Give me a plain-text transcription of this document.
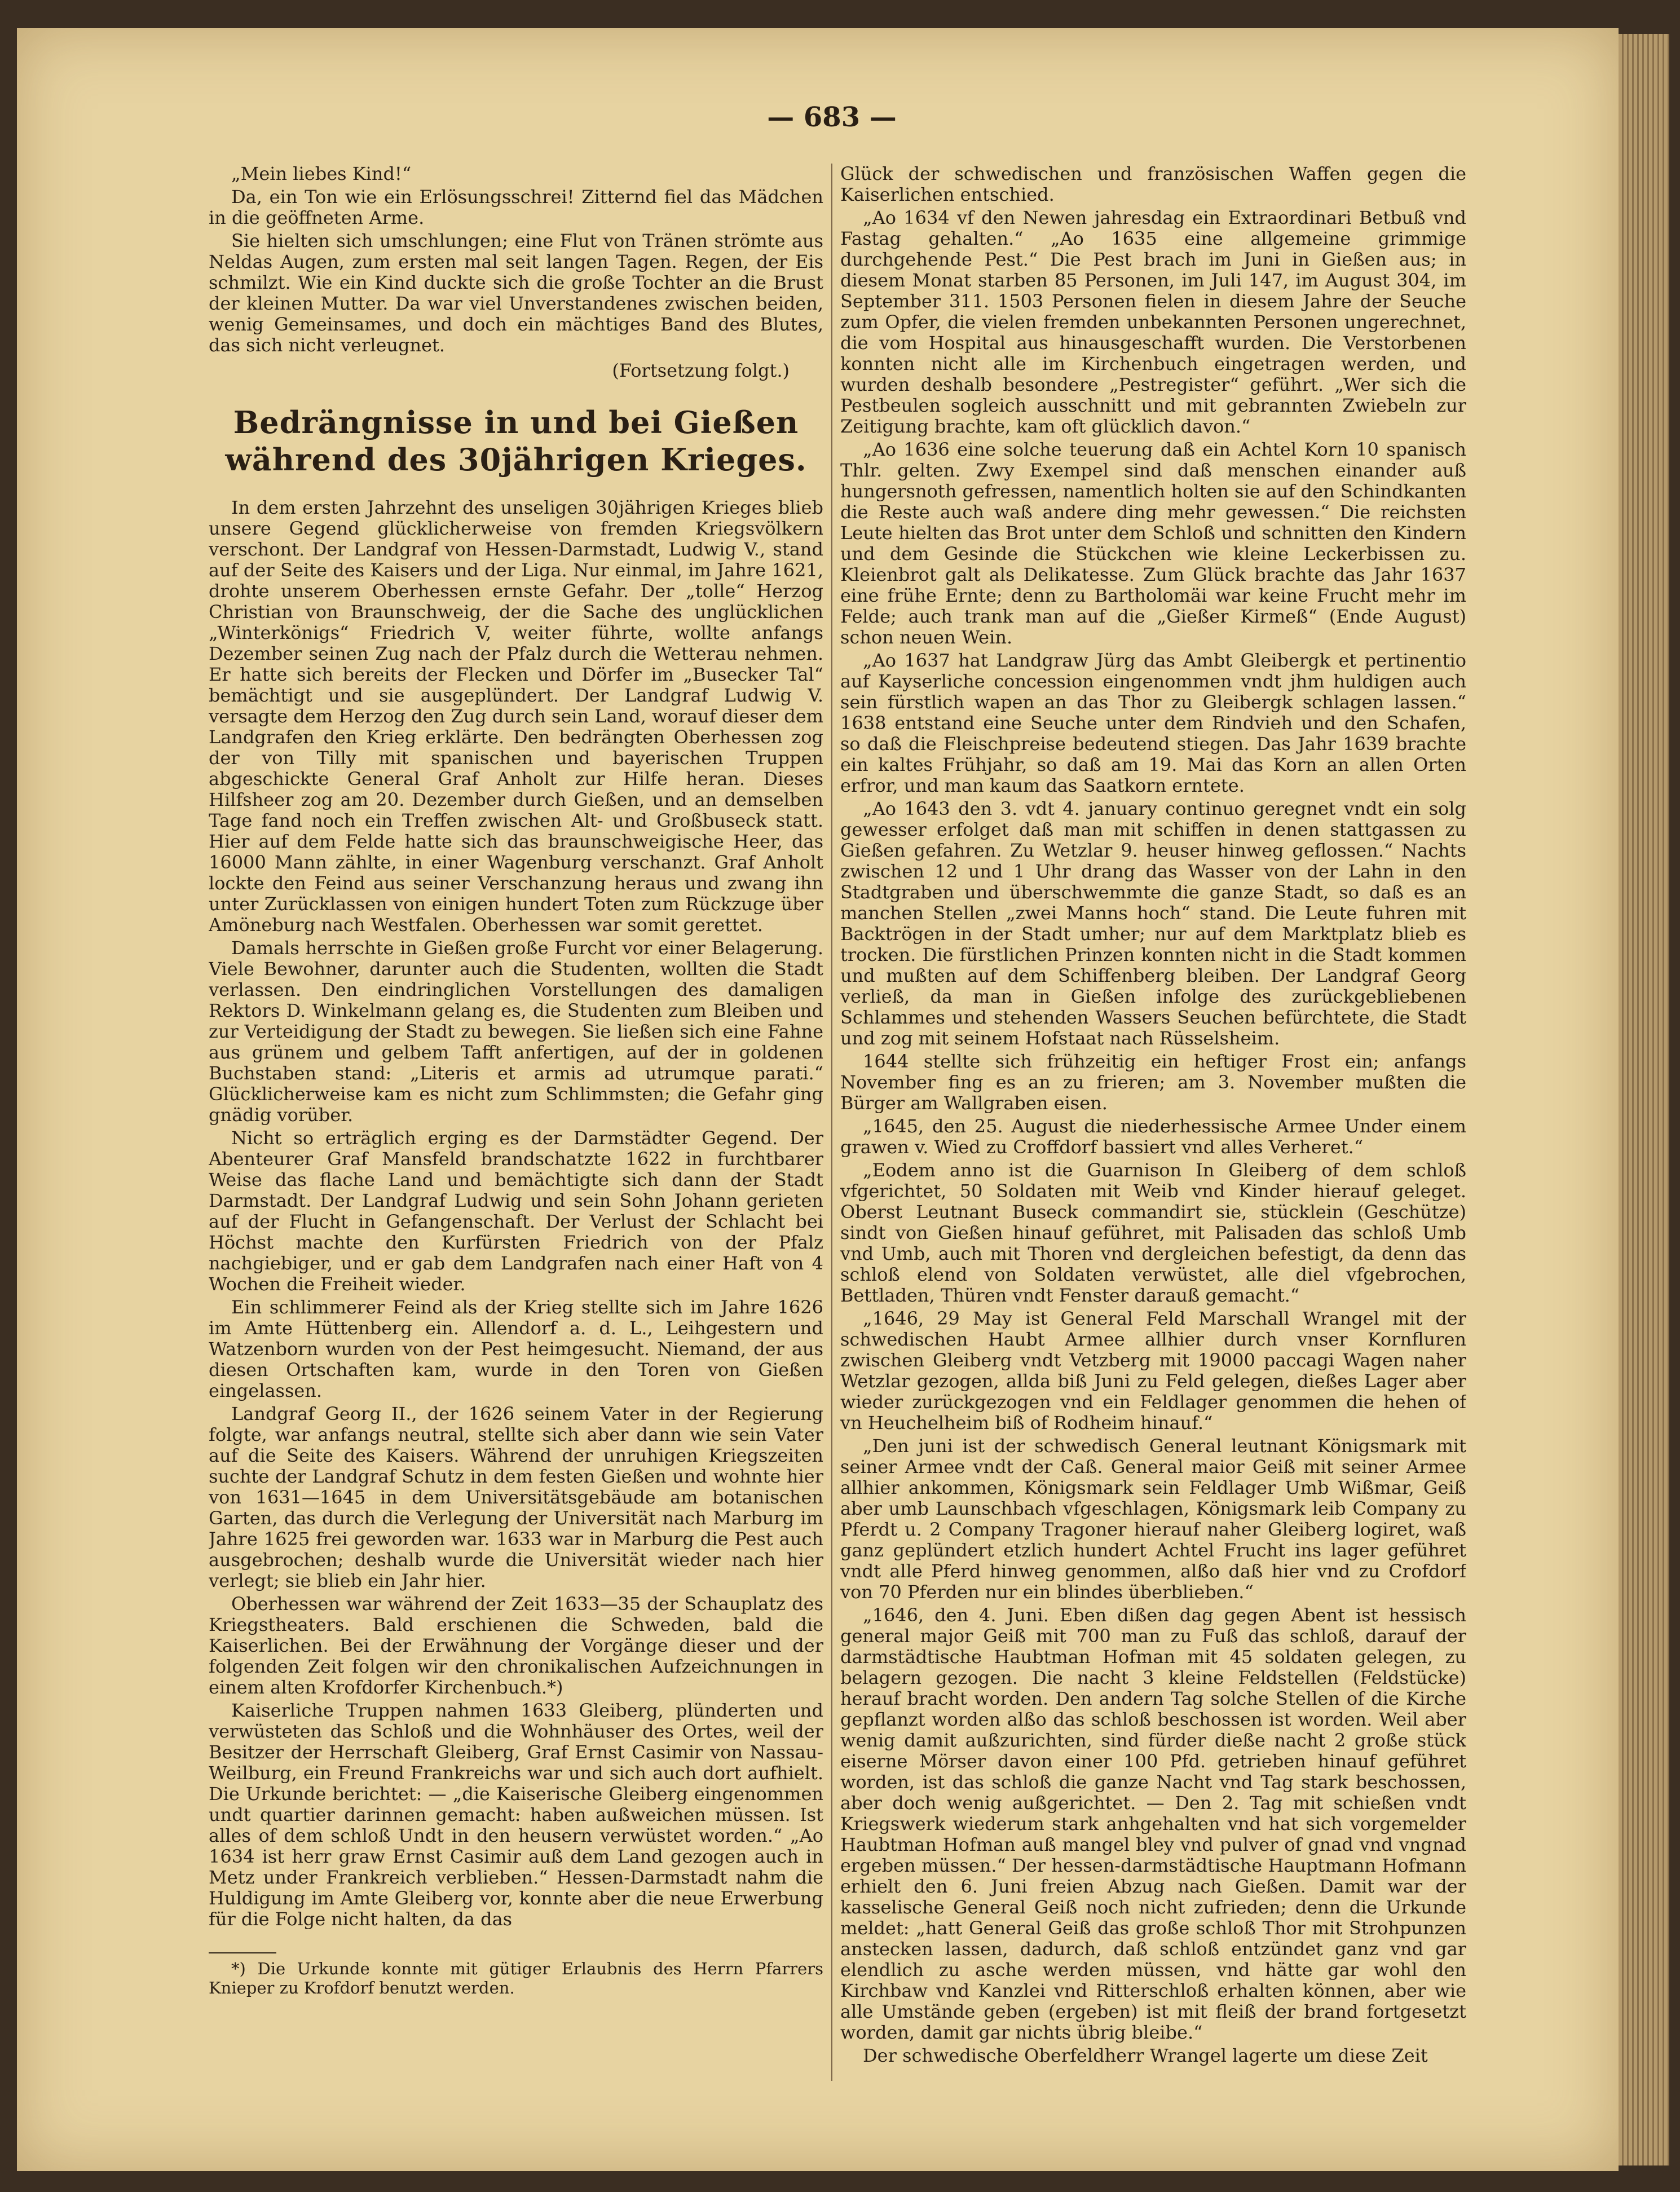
— 683 —

„Mein liebes Kind!“

Da, ein Ton wie ein Erlösungsschrei! Zitternd fiel das Mädchen in die geöffneten Arme.

Sie hielten sich umschlungen; eine Flut von Tränen strömte aus Neldas Augen, zum ersten mal seit langen Tagen. Regen, der Eis schmilzt. Wie ein Kind duckte sich die große Tochter an die Brust der kleinen Mutter. Da war viel Unverstandenes zwischen beiden, wenig Gemeinsames, und doch ein mächtiges Band des Blutes, das sich nicht verleugnet.

(Fortsetzung folgt.)
Bedrängnisse in und bei Gießen während des 30jährigen Krieges.

In dem ersten Jahrzehnt des unseligen 30jährigen Krieges blieb unsere Gegend glücklicherweise von fremden Kriegsvölkern verschont. Der Landgraf von Hessen-Darmstadt, Ludwig V., stand auf der Seite des Kaisers und der Liga. Nur einmal, im Jahre 1621, drohte unserem Oberhessen ernste Gefahr. Der „tolle“ Herzog Christian von Braunschweig, der die Sache des unglücklichen „Winterkönigs“ Friedrich V, weiter führte, wollte anfangs Dezember seinen Zug nach der Pfalz durch die Wetterau nehmen. Er hatte sich bereits der Flecken und Dörfer im „Busecker Tal“ bemächtigt und sie ausgeplündert. Der Landgraf Ludwig V. versagte dem Herzog den Zug durch sein Land, worauf dieser dem Landgrafen den Krieg erklärte. Den bedrängten Oberhessen zog der von Tilly mit spanischen und bayerischen Truppen abgeschickte General Graf Anholt zur Hilfe heran. Dieses Hilfsheer zog am 20. Dezember durch Gießen, und an demselben Tage fand noch ein Treffen zwischen Alt- und Großbuseck statt. Hier auf dem Felde hatte sich das braunschweigische Heer, das 16000 Mann zählte, in einer Wagenburg verschanzt. Graf Anholt lockte den Feind aus seiner Verschanzung heraus und zwang ihn unter Zurücklassen von einigen hundert Toten zum Rückzuge über Amöneburg nach Westfalen. Oberhessen war somit gerettet.

Damals herrschte in Gießen große Furcht vor einer Belagerung. Viele Bewohner, darunter auch die Studenten, wollten die Stadt verlassen. Den eindringlichen Vorstellungen des damaligen Rektors D. Winkelmann gelang es, die Studenten zum Bleiben und zur Verteidigung der Stadt zu bewegen. Sie ließen sich eine Fahne aus grünem und gelbem Tafft anfertigen, auf der in goldenen Buchstaben stand: „Literis et armis ad utrumque parati.“ Glücklicherweise kam es nicht zum Schlimmsten; die Gefahr ging gnädig vorüber.

Nicht so erträglich erging es der Darmstädter Gegend. Der Abenteurer Graf Mansfeld brandschatzte 1622 in furchtbarer Weise das flache Land und bemächtigte sich dann der Stadt Darmstadt. Der Landgraf Ludwig und sein Sohn Johann gerieten auf der Flucht in Gefangenschaft. Der Verlust der Schlacht bei Höchst machte den Kurfürsten Friedrich von der Pfalz nachgiebiger, und er gab dem Landgrafen nach einer Haft von 4 Wochen die Freiheit wieder.

Ein schlimmerer Feind als der Krieg stellte sich im Jahre 1626 im Amte Hüttenberg ein. Allendorf a. d. L., Leihgestern und Watzenborn wurden von der Pest heimgesucht. Niemand, der aus diesen Ortschaften kam, wurde in den Toren von Gießen eingelassen.

Landgraf Georg II., der 1626 seinem Vater in der Regierung folgte, war anfangs neutral, stellte sich aber dann wie sein Vater auf die Seite des Kaisers. Während der unruhigen Kriegszeiten suchte der Landgraf Schutz in dem festen Gießen und wohnte hier von 1631—1645 in dem Universitätsgebäude am botanischen Garten, das durch die Verlegung der Universität nach Marburg im Jahre 1625 frei geworden war. 1633 war in Marburg die Pest auch ausgebrochen; deshalb wurde die Universität wieder nach hier verlegt; sie blieb ein Jahr hier.

Oberhessen war während der Zeit 1633—35 der Schauplatz des Kriegstheaters. Bald erschienen die Schweden, bald die Kaiserlichen. Bei der Erwähnung der Vorgänge dieser und der folgenden Zeit folgen wir den chronikalischen Aufzeichnungen in einem alten Krofdorfer Kirchenbuch.*)

Kaiserliche Truppen nahmen 1633 Gleiberg, plünderten und verwüsteten das Schloß und die Wohnhäuser des Ortes, weil der Besitzer der Herrschaft Gleiberg, Graf Ernst Casimir von Nassau-Weilburg, ein Freund Frankreichs war und sich auch dort aufhielt. Die Urkunde berichtet: — „die Kaiserische Gleiberg eingenommen undt quartier darinnen gemacht: haben außweichen müssen. Ist alles of dem schloß Undt in den heusern verwüstet worden.“ „Ao 1634 ist herr graw Ernst Casimir auß dem Land gezogen auch in Metz under Frankreich verblieben.“ Hessen-Darmstadt nahm die Huldigung im Amte Gleiberg vor, konnte aber die neue Erwerbung für die Folge nicht halten, da das

*) Die Urkunde konnte mit gütiger Erlaubnis des Herrn Pfarrers Knieper zu Krofdorf benutzt werden.

Glück der schwedischen und französischen Waffen gegen die Kaiserlichen entschied.

„Ao 1634 vf den Newen jahresdag ein Extraordinari Betbuß vnd Fastag gehalten.“ „Ao 1635 eine allgemeine grimmige durchgehende Pest.“ Die Pest brach im Juni in Gießen aus; in diesem Monat starben 85 Personen, im Juli 147, im August 304, im September 311. 1503 Personen fielen in diesem Jahre der Seuche zum Opfer, die vielen fremden unbekannten Personen ungerechnet, die vom Hospital aus hinausgeschafft wurden. Die Verstorbenen konnten nicht alle im Kirchenbuch eingetragen werden, und wurden deshalb besondere „Pestregister“ geführt. „Wer sich die Pestbeulen sogleich ausschnitt und mit gebrannten Zwiebeln zur Zeitigung brachte, kam oft glücklich davon.“

„Ao 1636 eine solche teuerung daß ein Achtel Korn 10 spanisch Thlr. gelten. Zwy Exempel sind daß menschen einander auß hungersnoth gefressen, namentlich holten sie auf den Schindkanten die Reste auch waß andere ding mehr gewessen.“ Die reichsten Leute hielten das Brot unter dem Schloß und schnitten den Kindern und dem Gesinde die Stückchen wie kleine Leckerbissen zu. Kleienbrot galt als Delikatesse. Zum Glück brachte das Jahr 1637 eine frühe Ernte; denn zu Bartholomäi war keine Frucht mehr im Felde; auch trank man auf die „Gießer Kirmeß“ (Ende August) schon neuen Wein.

„Ao 1637 hat Landgraw Jürg das Ambt Gleibergk et pertinentio auf Kayserliche concession eingenommen vndt jhm huldigen auch sein fürstlich wapen an das Thor zu Gleibergk schlagen lassen.“ 1638 entstand eine Seuche unter dem Rindvieh und den Schafen, so daß die Fleischpreise bedeutend stiegen. Das Jahr 1639 brachte ein kaltes Frühjahr, so daß am 19. Mai das Korn an allen Orten erfror, und man kaum das Saatkorn erntete.

„Ao 1643 den 3. vdt 4. january continuo geregnet vndt ein solg gewesser erfolget daß man mit schiffen in denen stattgassen zu Gießen gefahren. Zu Wetzlar 9. heuser hinweg geflossen.“ Nachts zwischen 12 und 1 Uhr drang das Wasser von der Lahn in den Stadtgraben und überschwemmte die ganze Stadt, so daß es an manchen Stellen „zwei Manns hoch“ stand. Die Leute fuhren mit Backtrögen in der Stadt umher; nur auf dem Marktplatz blieb es trocken. Die fürstlichen Prinzen konnten nicht in die Stadt kommen und mußten auf dem Schiffenberg bleiben. Der Landgraf Georg verließ, da man in Gießen infolge des zurückgebliebenen Schlammes und stehenden Wassers Seuchen befürchtete, die Stadt und zog mit seinem Hofstaat nach Rüsselsheim.

1644 stellte sich frühzeitig ein heftiger Frost ein; anfangs November fing es an zu frieren; am 3. November mußten die Bürger am Wallgraben eisen.

„1645, den 25. August die niederhessische Armee Under einem grawen v. Wied zu Croffdorf bassiert vnd alles Verheret.“

„Eodem anno ist die Guarnison In Gleiberg of dem schloß vfgerichtet, 50 Soldaten mit Weib vnd Kinder hierauf geleget. Oberst Leutnant Buseck commandirt sie, stücklein (Geschütze) sindt von Gießen hinauf geführet, mit Palisaden das schloß Umb vnd Umb, auch mit Thoren vnd dergleichen befestigt, da denn das schloß elend von Soldaten verwüstet, alle diel vfgebrochen, Bettladen, Thüren vndt Fenster darauß gemacht.“

„1646, 29 May ist General Feld Marschall Wrangel mit der schwedischen Haubt Armee allhier durch vnser Kornfluren zwischen Gleiberg vndt Vetzberg mit 19000 paccagi Wagen naher Wetzlar gezogen, allda biß Juni zu Feld gelegen, dießes Lager aber wieder zurückgezogen vnd ein Feldlager genommen die hehen of vn Heuchelheim biß of Rodheim hinauf.“

„Den juni ist der schwedisch General leutnant Königsmark mit seiner Armee vndt der Caß. General maior Geiß mit seiner Armee allhier ankommen, Königsmark sein Feldlager Umb Wißmar, Geiß aber umb Launschbach vfgeschlagen, Königsmark leib Company zu Pferdt u. 2 Company Tragoner hierauf naher Gleiberg logiret, waß ganz geplündert etzlich hundert Achtel Frucht ins lager geführet vndt alle Pferd hinweg genommen, alßo daß hier vnd zu Crofdorf von 70 Pferden nur ein blindes überblieben.“

„1646, den 4. Juni. Eben dißen dag gegen Abent ist hessisch general major Geiß mit 700 man zu Fuß das schloß, darauf der darmstädtische Haubtman Hofman mit 45 soldaten gelegen, zu belagern gezogen. Die nacht 3 kleine Feldstellen (Feldstücke) herauf bracht worden. Den andern Tag solche Stellen of die Kirche gepflanzt worden alßo das schloß beschossen ist worden. Weil aber wenig damit außzurichten, sind fürder dieße nacht 2 große stück eiserne Mörser davon einer 100 Pfd. getrieben hinauf geführet worden, ist das schloß die ganze Nacht vnd Tag stark beschossen, aber doch wenig außgerichtet. — Den 2. Tag mit schießen vndt Kriegswerk wiederum stark anhgehalten vnd hat sich vorgemelder Haubtman Hofman auß mangel bley vnd pulver of gnad vnd vngnad ergeben müssen.“ Der hessen-darmstädtische Hauptmann Hofmann erhielt den 6. Juni freien Abzug nach Gießen. Damit war der kasselische General Geiß noch nicht zufrieden; denn die Urkunde meldet: „hatt General Geiß das große schloß Thor mit Strohpunzen anstecken lassen, dadurch, daß schloß entzündet ganz vnd gar elendlich zu asche werden müssen, vnd hätte gar wohl den Kirchbaw vnd Kanzlei vnd Ritterschloß erhalten können, aber wie alle Umstände geben (ergeben) ist mit fleiß der brand fortgesetzt worden, damit gar nichts übrig bleibe.“

Der schwedische Oberfeldherr Wrangel lagerte um diese Zeit
